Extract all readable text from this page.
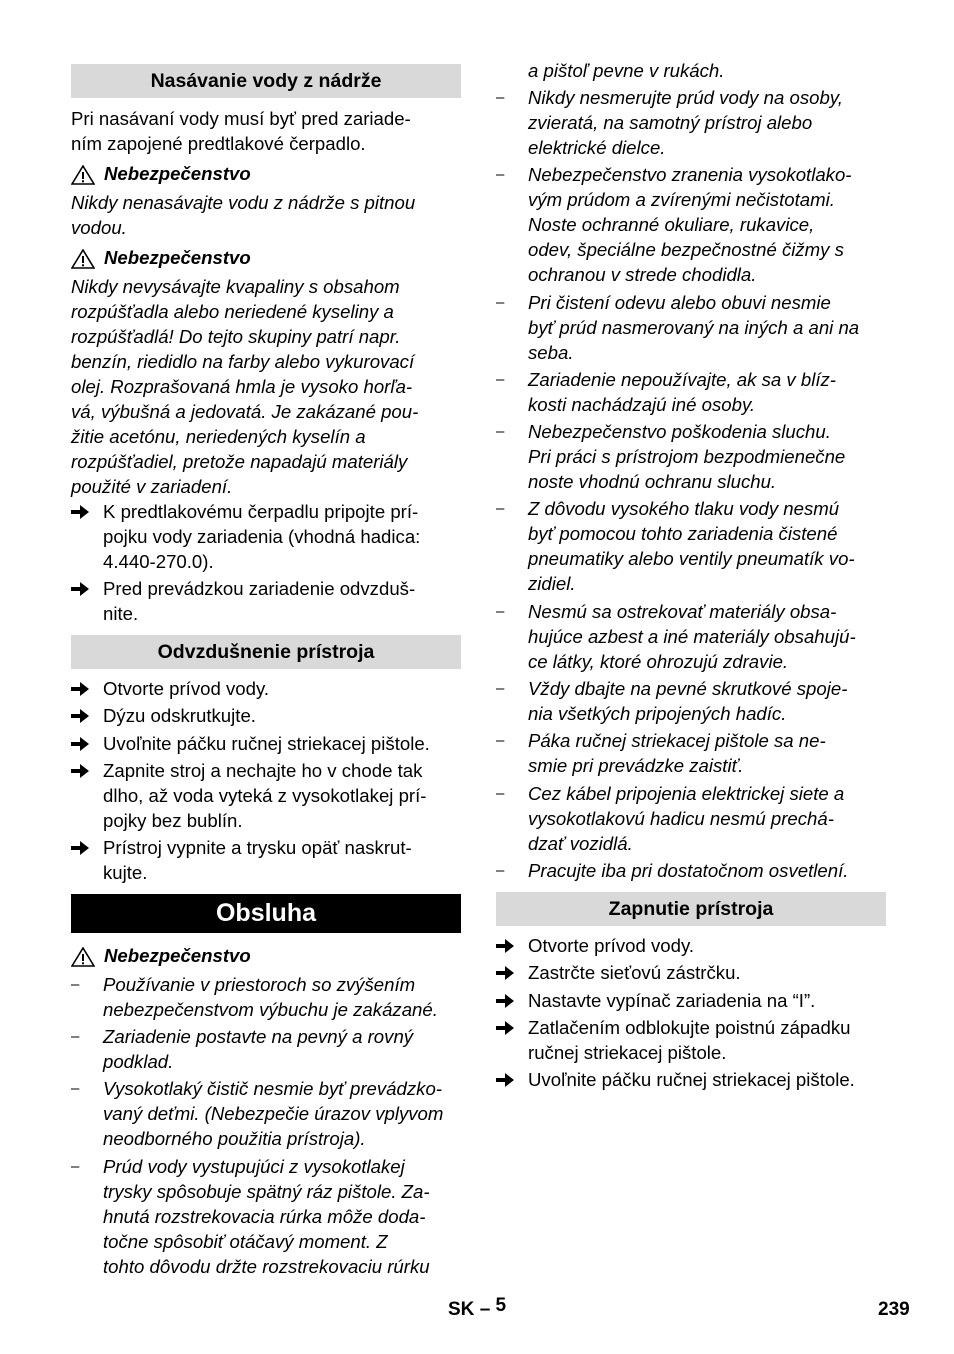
Nasávanie vody z nádrže
Pri nasávaní vody musí byť pred zariade-
ním zapojené predtlakové čerpadlo.
Nebezpečenstvo
Nikdy nenasávajte vodu z nádrže s pitnou
vodou.
Nebezpečenstvo
Nikdy nevysávajte kvapaliny s obsahom
rozpúšťadla alebo neriedené kyseliny a
rozpúšťadlá! Do tejto skupiny patrí napr.
benzín, riedidlo na farby alebo vykurovací
olej. Rozprašovaná hmla je vysoko horľa-
vá, výbušná a jedovatá. Je zakázané pou-
žitie acetónu, neriedených kyselín a
rozpúšťadiel, pretože napadajú materiály
použité v zariadení.
K predtlakovému čerpadlu pripojte prí-
pojku vody zariadenia (vhodná hadica:
4.440-270.0).
Pred prevádzkou zariadenie odvzduš-
nite.
Odvzdušnenie prístroja
Otvorte prívod vody.
Dýzu odskrutkujte.
Uvoľnite páčku ručnej striekacej pištole.
Zapnite stroj a nechajte ho v chode tak
dlho, až voda vyteká z vysokotlakej prí-
pojky bez bublín.
Prístroj vypnite a trysku opäť naskrut-
kujte.
Obsluha
Nebezpečenstvo
–	Používanie v priestoroch so zvýšením
nebezpečenstvom výbuchu je zakázané.
–	Zariadenie postavte na pevný a rovný
podklad.
–	Vysokotlaký čistič nesmie byť prevádzko-
vaný deťmi. (Nebezpečie úrazov vplyvom
neodborného použitia prístroja).
–	Prúd vody vystupujúci z vysokotlakej
trysky spôsobuje spätný ráz pištole. Za-
hnutá rozstrekovacia rúrka môže doda-
točne spôsobiť otáčavý moment. Z
tohto dôvodu držte rozstrekovaciu rúrku
a pištoľ pevne v rukách.
–	Nikdy nesmerujte prúd vody na osoby,
zvieratá, na samotný prístroj alebo
elektrické dielce.
–	Nebezpečenstvo zranenia vysokotlako-
vým prúdom a zvírenými nečistotami.
Noste ochranné okuliare, rukavice,
odev, špeciálne bezpečnostné čižmy s
ochranou v strede chodidla.
–	Pri čistení odevu alebo obuvi nesmie
byť prúd nasmerovaný na iných a ani na
seba.
–	Zariadenie nepoužívajte, ak sa v blíz-
kosti nachádzajú iné osoby.
–	Nebezpečenstvo poškodenia sluchu.
Pri práci s prístrojom bezpodmienečne
noste vhodnú ochranu sluchu.
–	Z dôvodu vysokého tlaku vody nesmú
byť pomocou tohto zariadenia čistené
pneumatiky alebo ventily pneumatík vo-
zidiel.
–	Nesmú sa ostrekovať materiály obsa-
hujúce azbest a iné materiály obsahujú-
ce látky, ktoré ohrozujú zdravie.
–	Vždy dbajte na pevné skrutkové spoje-
nia všetkých pripojených hadíc.
–	Páka ručnej striekacej pištole sa ne-
smie pri prevádzke zaistiť.
–	Cez kábel pripojenia elektrickej siete a
vysokotlakovú hadicu nesmú prechá-
dzať vozidlá.
–	Pracujte iba pri dostatočnom osvetlení.
Zapnutie prístroja
Otvorte prívod vody.
Zastrčte sieťovú zástrčku.
Nastavte vypínač zariadenia na “I”.
Zatlačením odblokujte poistnú západku
ručnej striekacej pištole.
Uvoľnite páčku ručnej striekacej pištole.
SK – 5	239
